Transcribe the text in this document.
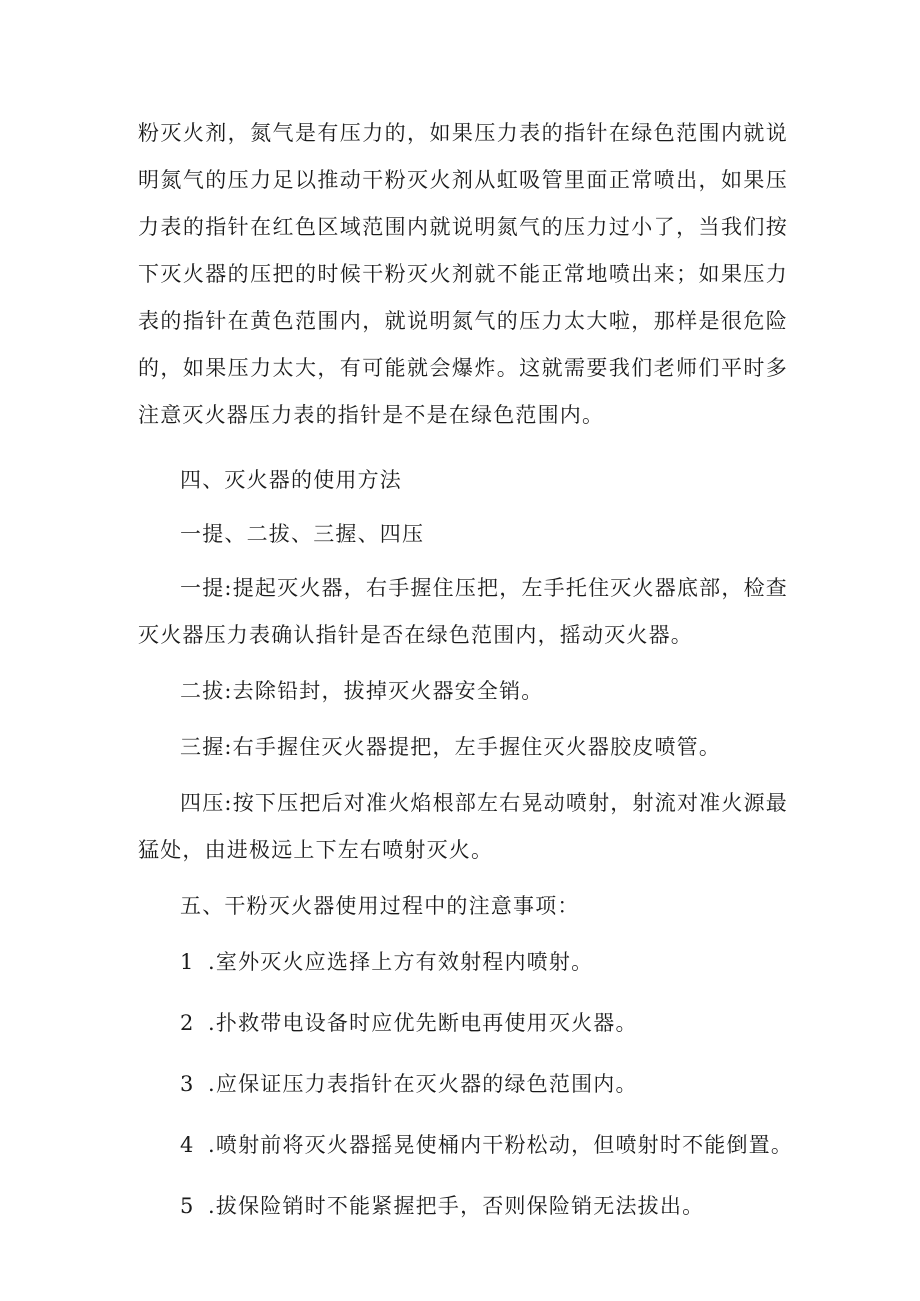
粉灭火剂，氮气是有压力的，如果压力表的指针在绿色范围内就说明氮气的压力足以推动干粉灭火剂从虹吸管里面正常喷出，如果压力表的指针在红色区域范围内就说明氮气的压力过小了，当我们按下灭火器的压把的时候干粉灭火剂就不能正常地喷出来；如果压力表的指针在黄色范围内，就说明氮气的压力太大啦，那样是很危险的，如果压力太大，有可能就会爆炸。这就需要我们老师们平时多注意灭火器压力表的指针是不是在绿色范围内。

四、灭火器的使用方法

一提、二拔、三握、四压

一提:提起灭火器，右手握住压把，左手托住灭火器底部，检查灭火器压力表确认指针是否在绿色范围内，摇动灭火器。

二拔:去除铅封，拔掉灭火器安全销。

三握:右手握住灭火器提把，左手握住灭火器胶皮喷管。

四压:按下压把后对准火焰根部左右晃动喷射，射流对准火源最猛处，由进极远上下左右喷射灭火。

五、干粉灭火器使用过程中的注意事项：

1 .室外灭火应选择上方有效射程内喷射。

2 .扑救带电设备时应优先断电再使用灭火器。

3 .应保证压力表指针在灭火器的绿色范围内。

4 .喷射前将灭火器摇晃使桶内干粉松动，但喷射时不能倒置。

5 .拔保险销时不能紧握把手，否则保险销无法拔出。
